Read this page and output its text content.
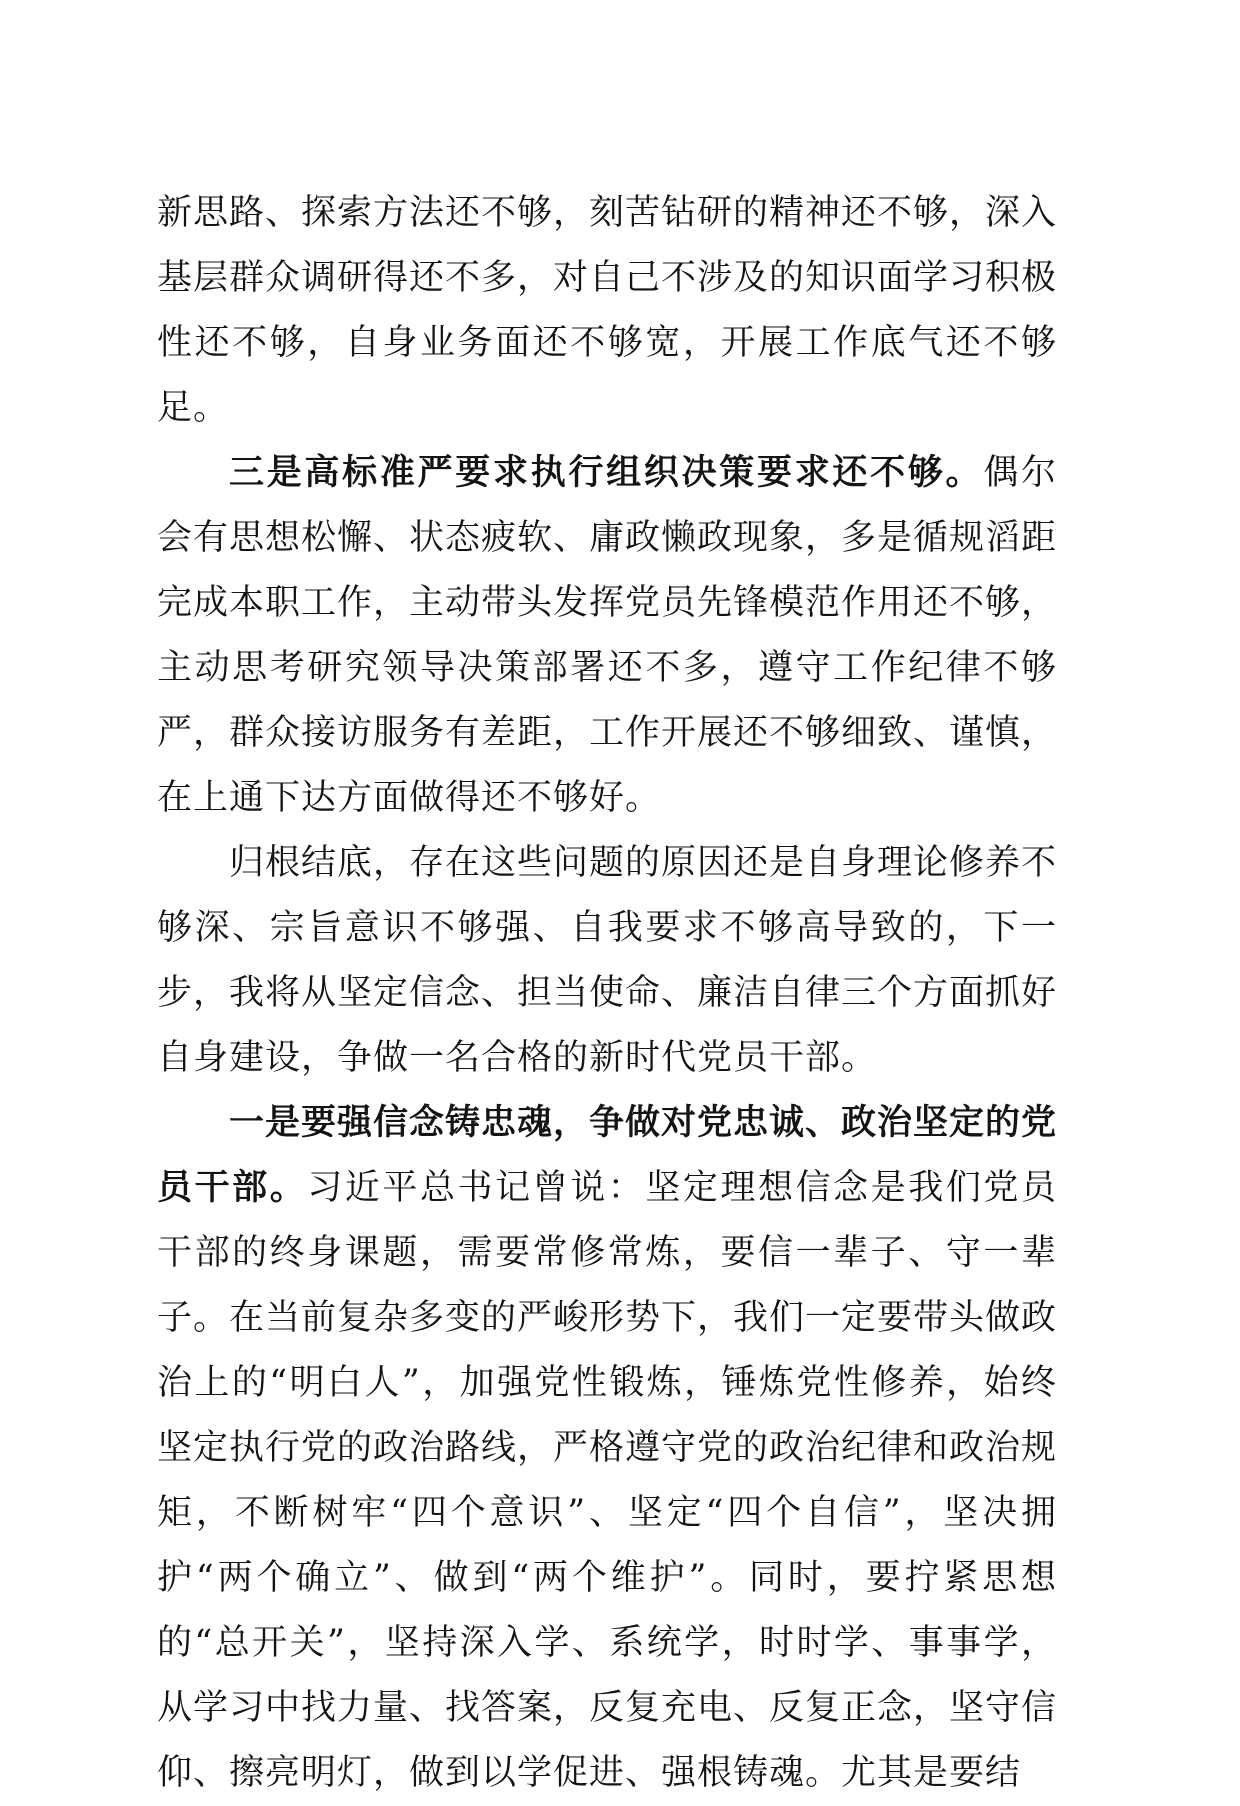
新思路、探索方法还不够，刻苦钻研的精神还不够，深入基层群众调研得还不多，对自己不涉及的知识面学习积极性还不够，自身业务面还不够宽，开展工作底气还不够足。

三是高标准严要求执行组织决策要求还不够。偶尔会有思想松懈、状态疲软、庸政懒政现象，多是循规滔距完成本职工作，主动带头发挥党员先锋模范作用还不够，主动思考研究领导决策部署还不多，遵守工作纪律不够严，群众接访服务有差距，工作开展还不够细致、谨慎，在上通下达方面做得还不够好。

归根结底，存在这些问题的原因还是自身理论修养不够深、宗旨意识不够强、自我要求不够高导致的，下一步，我将从坚定信念、担当使命、廉洁自律三个方面抓好自身建设，争做一名合格的新时代党员干部。

一是要强信念铸忠魂，争做对党忠诚、政治坚定的党员干部。习近平总书记曾说：坚定理想信念是我们党员干部的终身课题，需要常修常炼，要信一辈子、守一辈子。在当前复杂多变的严峻形势下，我们一定要带头做政治上的“明白人”，加强党性锻炼，锤炼党性修养，始终坚定执行党的政治路线，严格遵守党的政治纪律和政治规矩，不断树牢“四个意识”、坚定“四个自信”，坚决拥护“两个确立”、做到“两个维护”。同时，要拧紧思想的“总开关”，坚持深入学、系统学，时时学、事事学，从学习中找力量、找答案，反复充电、反复正念，坚守信仰、擦亮明灯，做到以学促进、强根铸魂。尤其是要结
